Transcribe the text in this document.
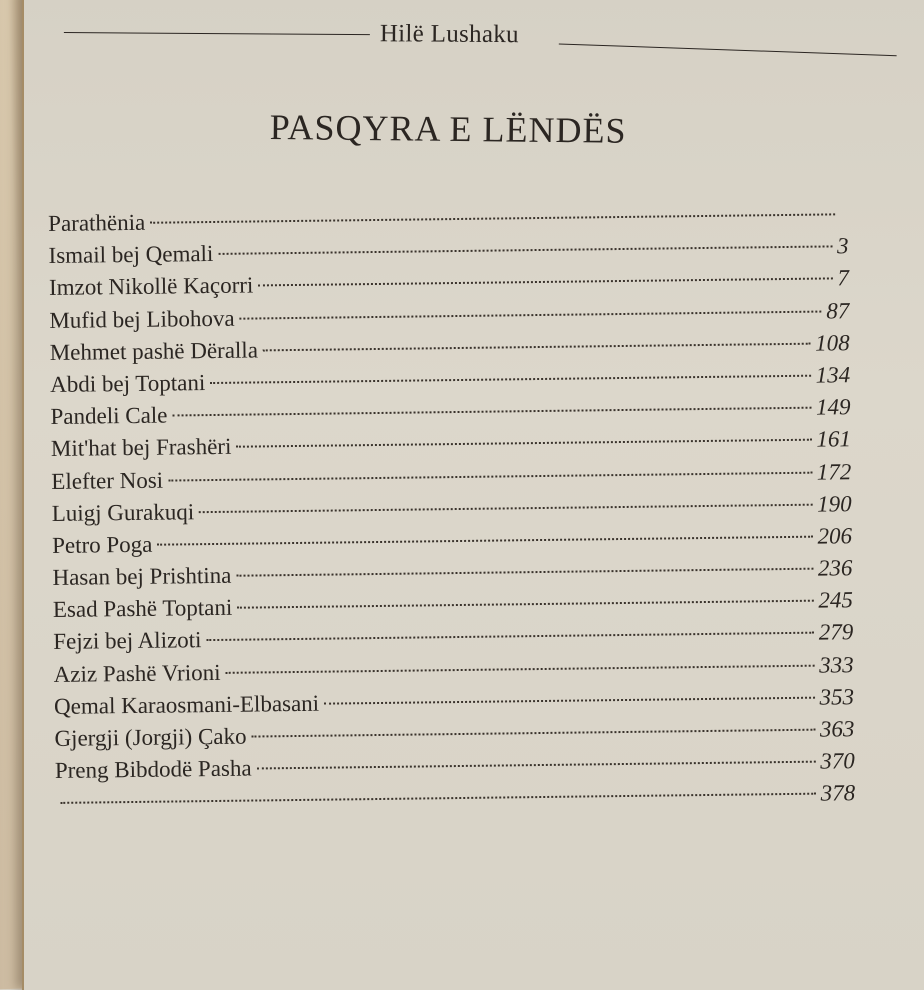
Hilë Lushaku
PASQYRA E LËNDËS
Parathënia
Ismail bej Qemali	3
Imzot Nikollë Kaçorri	7
Mufid bej Libohova	87
Mehmet pashë Dëralla	108
Abdi bej Toptani	134
Pandeli Cale	149
Mit'hat bej Frashëri	161
Elefter Nosi	172
Luigj Gurakuqi	190
Petro Poga	206
Hasan bej Prishtina	236
Esad Pashë Toptani	245
Fejzi bej Alizoti	279
Aziz Pashë Vrioni	333
Qemal Karaosmani-Elbasani	353
Gjergji (Jorgji) Çako	363
Preng Bibdodë Pasha	370
378
